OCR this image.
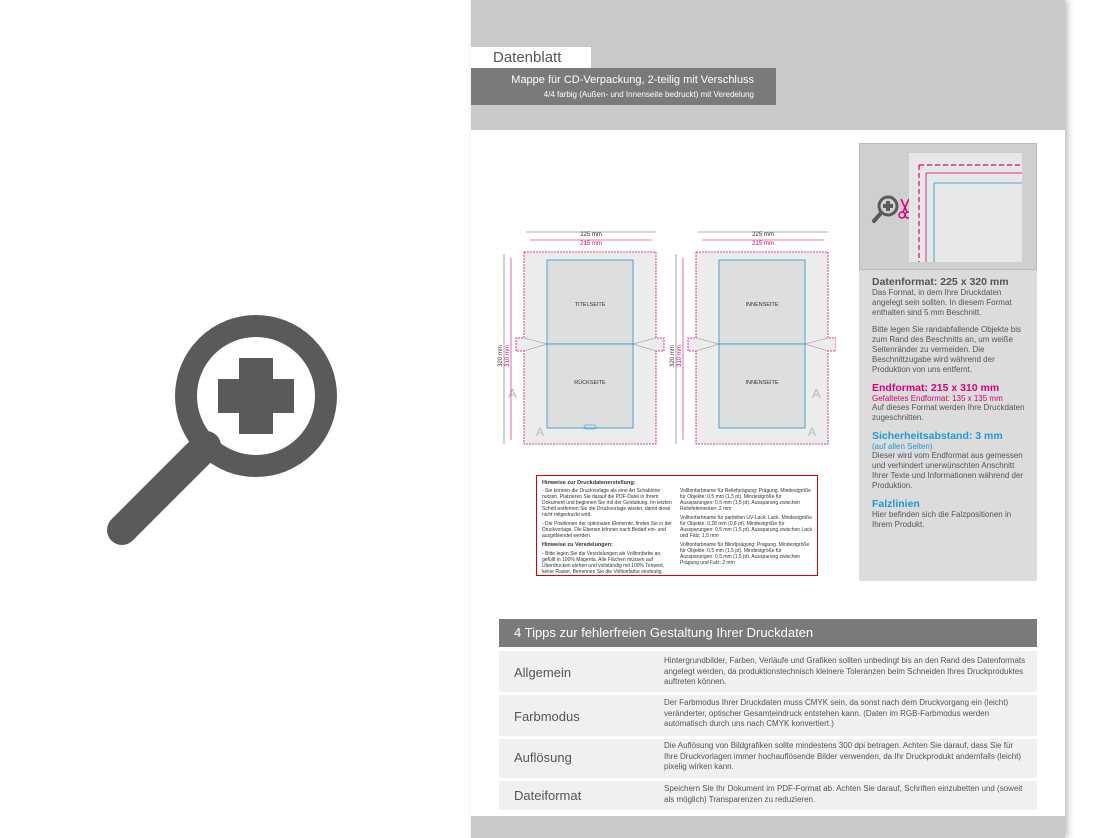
Datenblatt
Mappe für CD-Verpackung, 2-teilig mit Verschluss
4/4 farbig (Außen- und Innenseite bedruckt) mit Veredelung
225 mm
215 mm
TITELSEITE
RÜCKSEITE
A
A
320 mm 310 mm
225 mm
215 mm
INNENSEITE
INNENSEITE
A
A
320 mm 310 mm
Hinweise zur Druckdatenerstellung:

- Sie können die Druckvorlage als eine Art Schablone nutzen. Platzieren Sie darauf die PDF-Datei in Ihrem Dokument und beginnen Sie mit der Gestaltung. Im letzten Schritt entfernen Sie die Druckvorlage wieder, damit diese nicht mitgedruckt wird.

- Die Positionen der optionalen Elemente, finden Sie in der Druckvorlage. Die Ebenen können nach Bedarf ein- und ausgeblendet werden.

Hinweise zu Veredelungen:

- Bitte legen Sie die Veredelungen als Volltonfarbe an, gefüllt in 100% Magenta. Alle Flächen müssen auf Überdrucken stehen und vollständig mit 100% Tonwert, keine Raster. Benennen Sie die Volltonfarbe eindeutig.

Volltonfarbname für Reliefprägung: Prägung. Mindestgröße für Objekte: 0,5 mm (1,5 pt). Mindestgröße für Aussparungen: 0,5 mm (1,5 pt). Aussparung zwischen Reliefelementen: 2 mm

Volltonfarbname für partiellen UV-Lack: Lack. Mindestgröße für Objekte: 0,28 mm (0,8 pt). Mindestgröße für Aussparungen: 0,5 mm (1,5 pt). Aussparung zwischen Lack und Falz: 1,5 mm

Volltonfarbname für Blindprägung: Prägung. Mindestgröße für Objekte: 0,5 mm (1,5 pt). Mindestgröße für Aussparungen: 0,5 mm (1,5 pt). Aussparung zwischen Prägung und Falz: 2 mm

Datenformat: 225 x 320 mm
Das Format, in dem Ihre Druckdaten angelegt sein sollten. In diesem Format enthalten sind 5 mm Beschnitt.
Bitte legen Sie randabfallende Objekte bis zum Rand des Beschnitts an, um weiße Seitenränder zu vermeiden. Die Beschnittzugabe wird während der Produktion von uns entfernt.
Endformat: 215 x 310 mm
Gefaltetes Endformat: 135 x 135 mm
Auf dieses Format werden Ihre Druckdaten zugeschnitten.
Sicherheitsabstand: 3 mm
(auf allen Seiten)
Dieser wird vom Endformat aus gemessen und verhindert unerwünschten Anschnitt Ihrer Texte und Informationen während der Produktion.
Falzlinien
Hier befinden sich die Falzpositionen in Ihrem Produkt.
4 Tipps zur fehlerfreien Gestaltung Ihrer Druckdaten
Allgemein
Hintergrundbilder, Farben, Verläufe und Grafiken sollten unbedingt bis an den Rand des Datenformats angelegt werden, da produktionstechnisch kleinere Toleranzen beim Schneiden Ihres Druckproduktes auftreten können.
Farbmodus
Der Farbmodus Ihrer Druckdaten muss CMYK sein, da sonst nach dem Druckvorgang ein (leicht) veränderter, optischer Gesamteindruck entstehen kann. (Daten im RGB-Farbmodus werden automatisch durch uns nach CMYK konvertiert.)
Auflösung
Die Auflösung von Bildgrafiken sollte mindestens 300 dpi betragen. Achten Sie darauf, dass Sie für Ihre Druckvorlagen immer hochauflösende Bilder verwenden, da Ihr Druckprodukt andernfalls (leicht) pixelig wirken kann.
Dateiformat	Speichern Sie Ihr Dokument im PDF-Format ab. Achten Sie darauf, Schriften einzubetten und (soweit als möglich) Transparenzen zu reduzieren.
